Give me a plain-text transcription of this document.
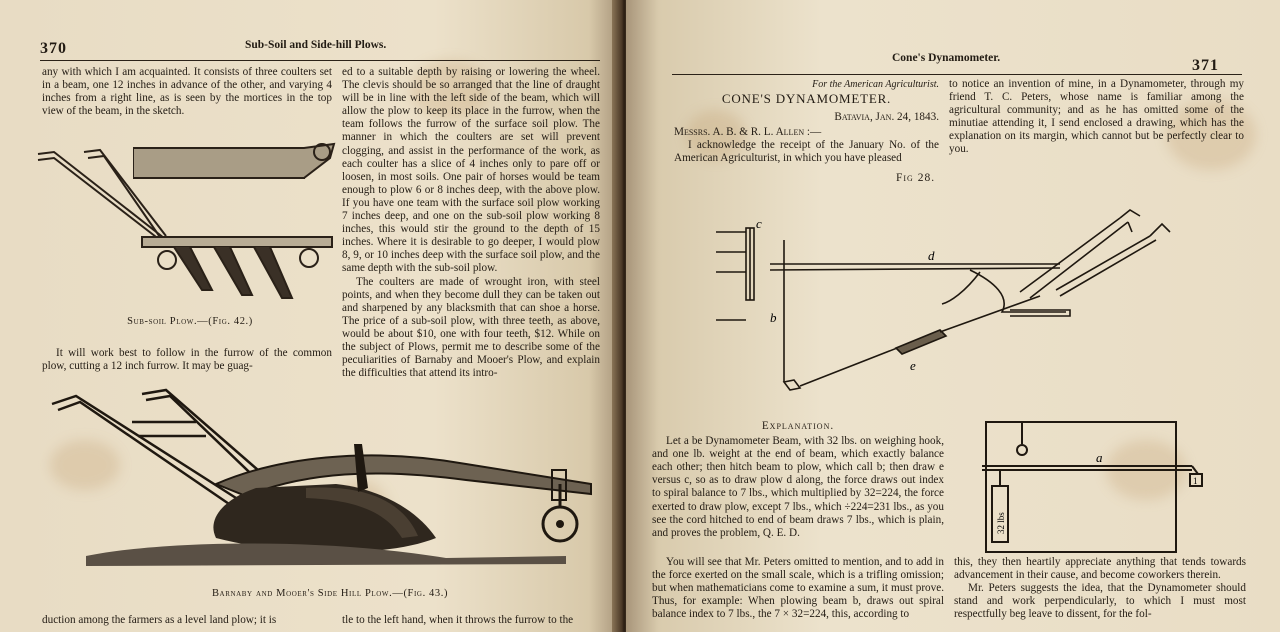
370	Sub-Soil and Side-hill Plows.

any with which I am acquainted. It consists of three coulters set in a beam, one 12 inches in advance of the other, and varying 4 inches from a right line, as is seen by the mortices in the top view of the beam, in the sketch.

Sub-soil Plow.—(Fig. 42.)

It will work best to follow in the furrow of the common plow, cutting a 12 inch furrow. It may be guag-

ed to a suitable depth by raising or lowering the wheel. The clevis should be so arranged that the line of draught will be in line with the left side of the beam, which will allow the plow to keep its place in the furrow, when the team follows the furrow of the surface soil plow. The manner in which the coulters are set will prevent clogging, and assist in the performance of the work, as each coulter has a slice of 4 inches only to pare off or loosen, in most soils. One pair of horses would be team enough to plow 6 or 8 inches deep, with the above plow. If you have one team with the surface soil plow working 7 inches deep, and one on the sub-soil plow working 8 inches, this would stir the ground to the depth of 15 inches. Where it is desirable to go deeper, I would plow 8, 9, or 10 inches deep with the surface soil plow, and the same depth with the sub-soil plow.

The coulters are made of wrought iron, with steel points, and when they become dull they can be taken out and sharpened by any blacksmith that can shoe a horse. The price of a sub-soil plow, with three teeth, as above, would be about $10, one with four teeth, $12. While on the subject of Plows, permit me to describe some of the peculiarities of Barnaby and Mooer's Plow, and explain the difficulties that attend its intro-

Barnaby and Mooer's Side Hill Plow.—(Fig. 43.)

duction among the farmers as a level land plow; it is	tle to the left hand, when it throws the furrow to the

Cone's Dynamometer.	371
For the American Agriculturist.
CONE'S DYNAMOMETER.
Batavia, Jan. 24, 1843.
Messrs. A. B. & R. L. Allen :—

I acknowledge the receipt of the January No. of the American Agriculturist, in which you have pleased

to notice an invention of mine, in a Dynamometer, through my friend T. C. Peters, whose name is familiar among the agricultural community; and as he has omitted some of the minutiae attending it, I send enclosed a drawing, which has the explanation on its margin, which cannot but be perfectly clear to you.

Fig 28.
c
b
d
e
Explanation.

Let a be Dynamometer Beam, with 32 lbs. on weighing hook, and one lb. weight at the end of beam, which exactly balance each other; then hitch beam to plow, which call b; then draw e versus c, so as to draw plow d along, the force draws out index to spiral balance to 7 lbs., which multiplied by 32=224, the force exerted to draw plow, except 7 lbs., which ÷224=231 lbs., as you see the cord hitched to end of beam draws 7 lbs., which is plain, and proves the problem, Q. E. D.

a
32 lbs
1

You will see that Mr. Peters omitted to mention, and to add in the force exerted on the small scale, which is a trifling omission; but when mathematicians come to examine a sum, it must prove. Thus, for example: When plowing beam b, draws out spiral balance index to 7 lbs., the 7 × 32=224, this, according to

this, they then heartily appreciate anything that tends towards advancement in their cause, and become coworkers therein.

Mr. Peters suggests the idea, that the Dynamometer should stand and work perpendicularly, to which I must most respectfully beg leave to dissent, for the fol-
